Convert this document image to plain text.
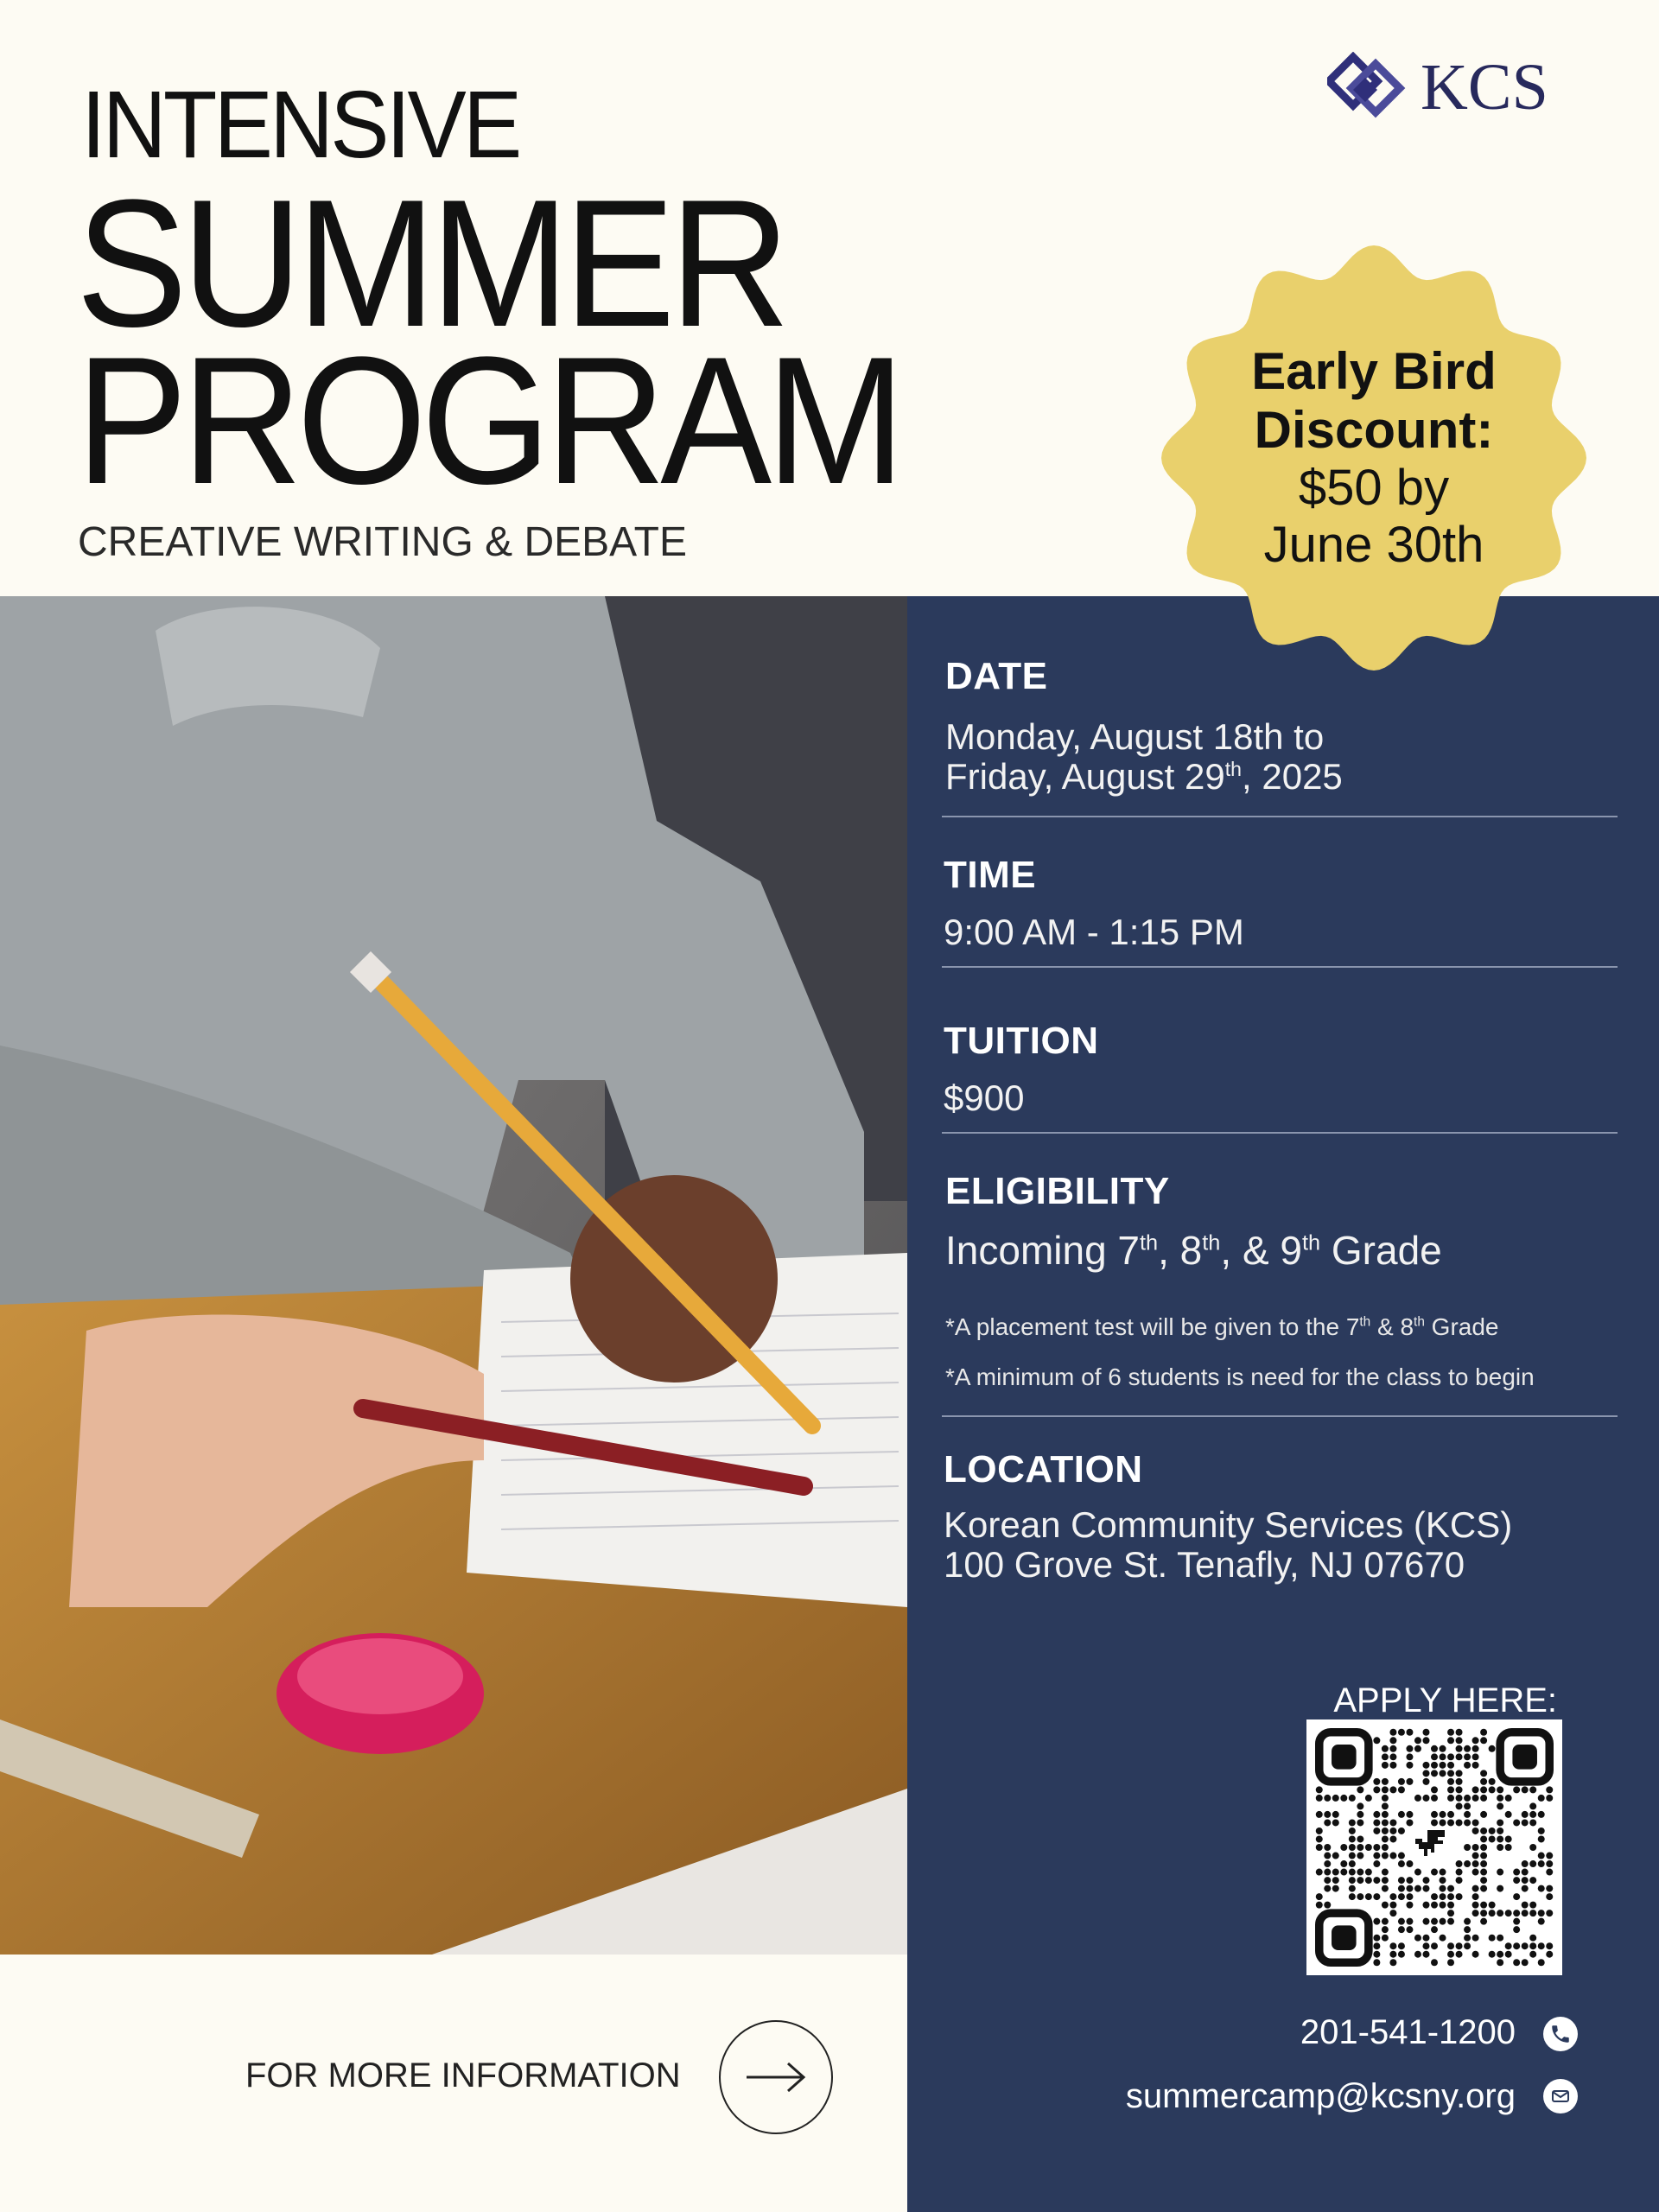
INTENSIVE
SUMMER
PROGRAM
CREATIVE WRITING & DEBATE
KCS
Early Bird
Discount:
$50 by
June 30th
DATE
Monday, August 18th to
Friday, August 29th, 2025
TIME
9:00 AM - 1:15 PM
TUITION
$900
ELIGIBILITY
Incoming 7th, 8th, & 9th Grade
*A placement test will be given to the 7th & 8th Grade
*A minimum of 6 students is need for the class to begin
LOCATION
Korean Community Services (KCS)
100 Grove St. Tenafly, NJ 07670
APPLY HERE:
201-541-1200
summercamp@kcsny.org
FOR MORE INFORMATION
